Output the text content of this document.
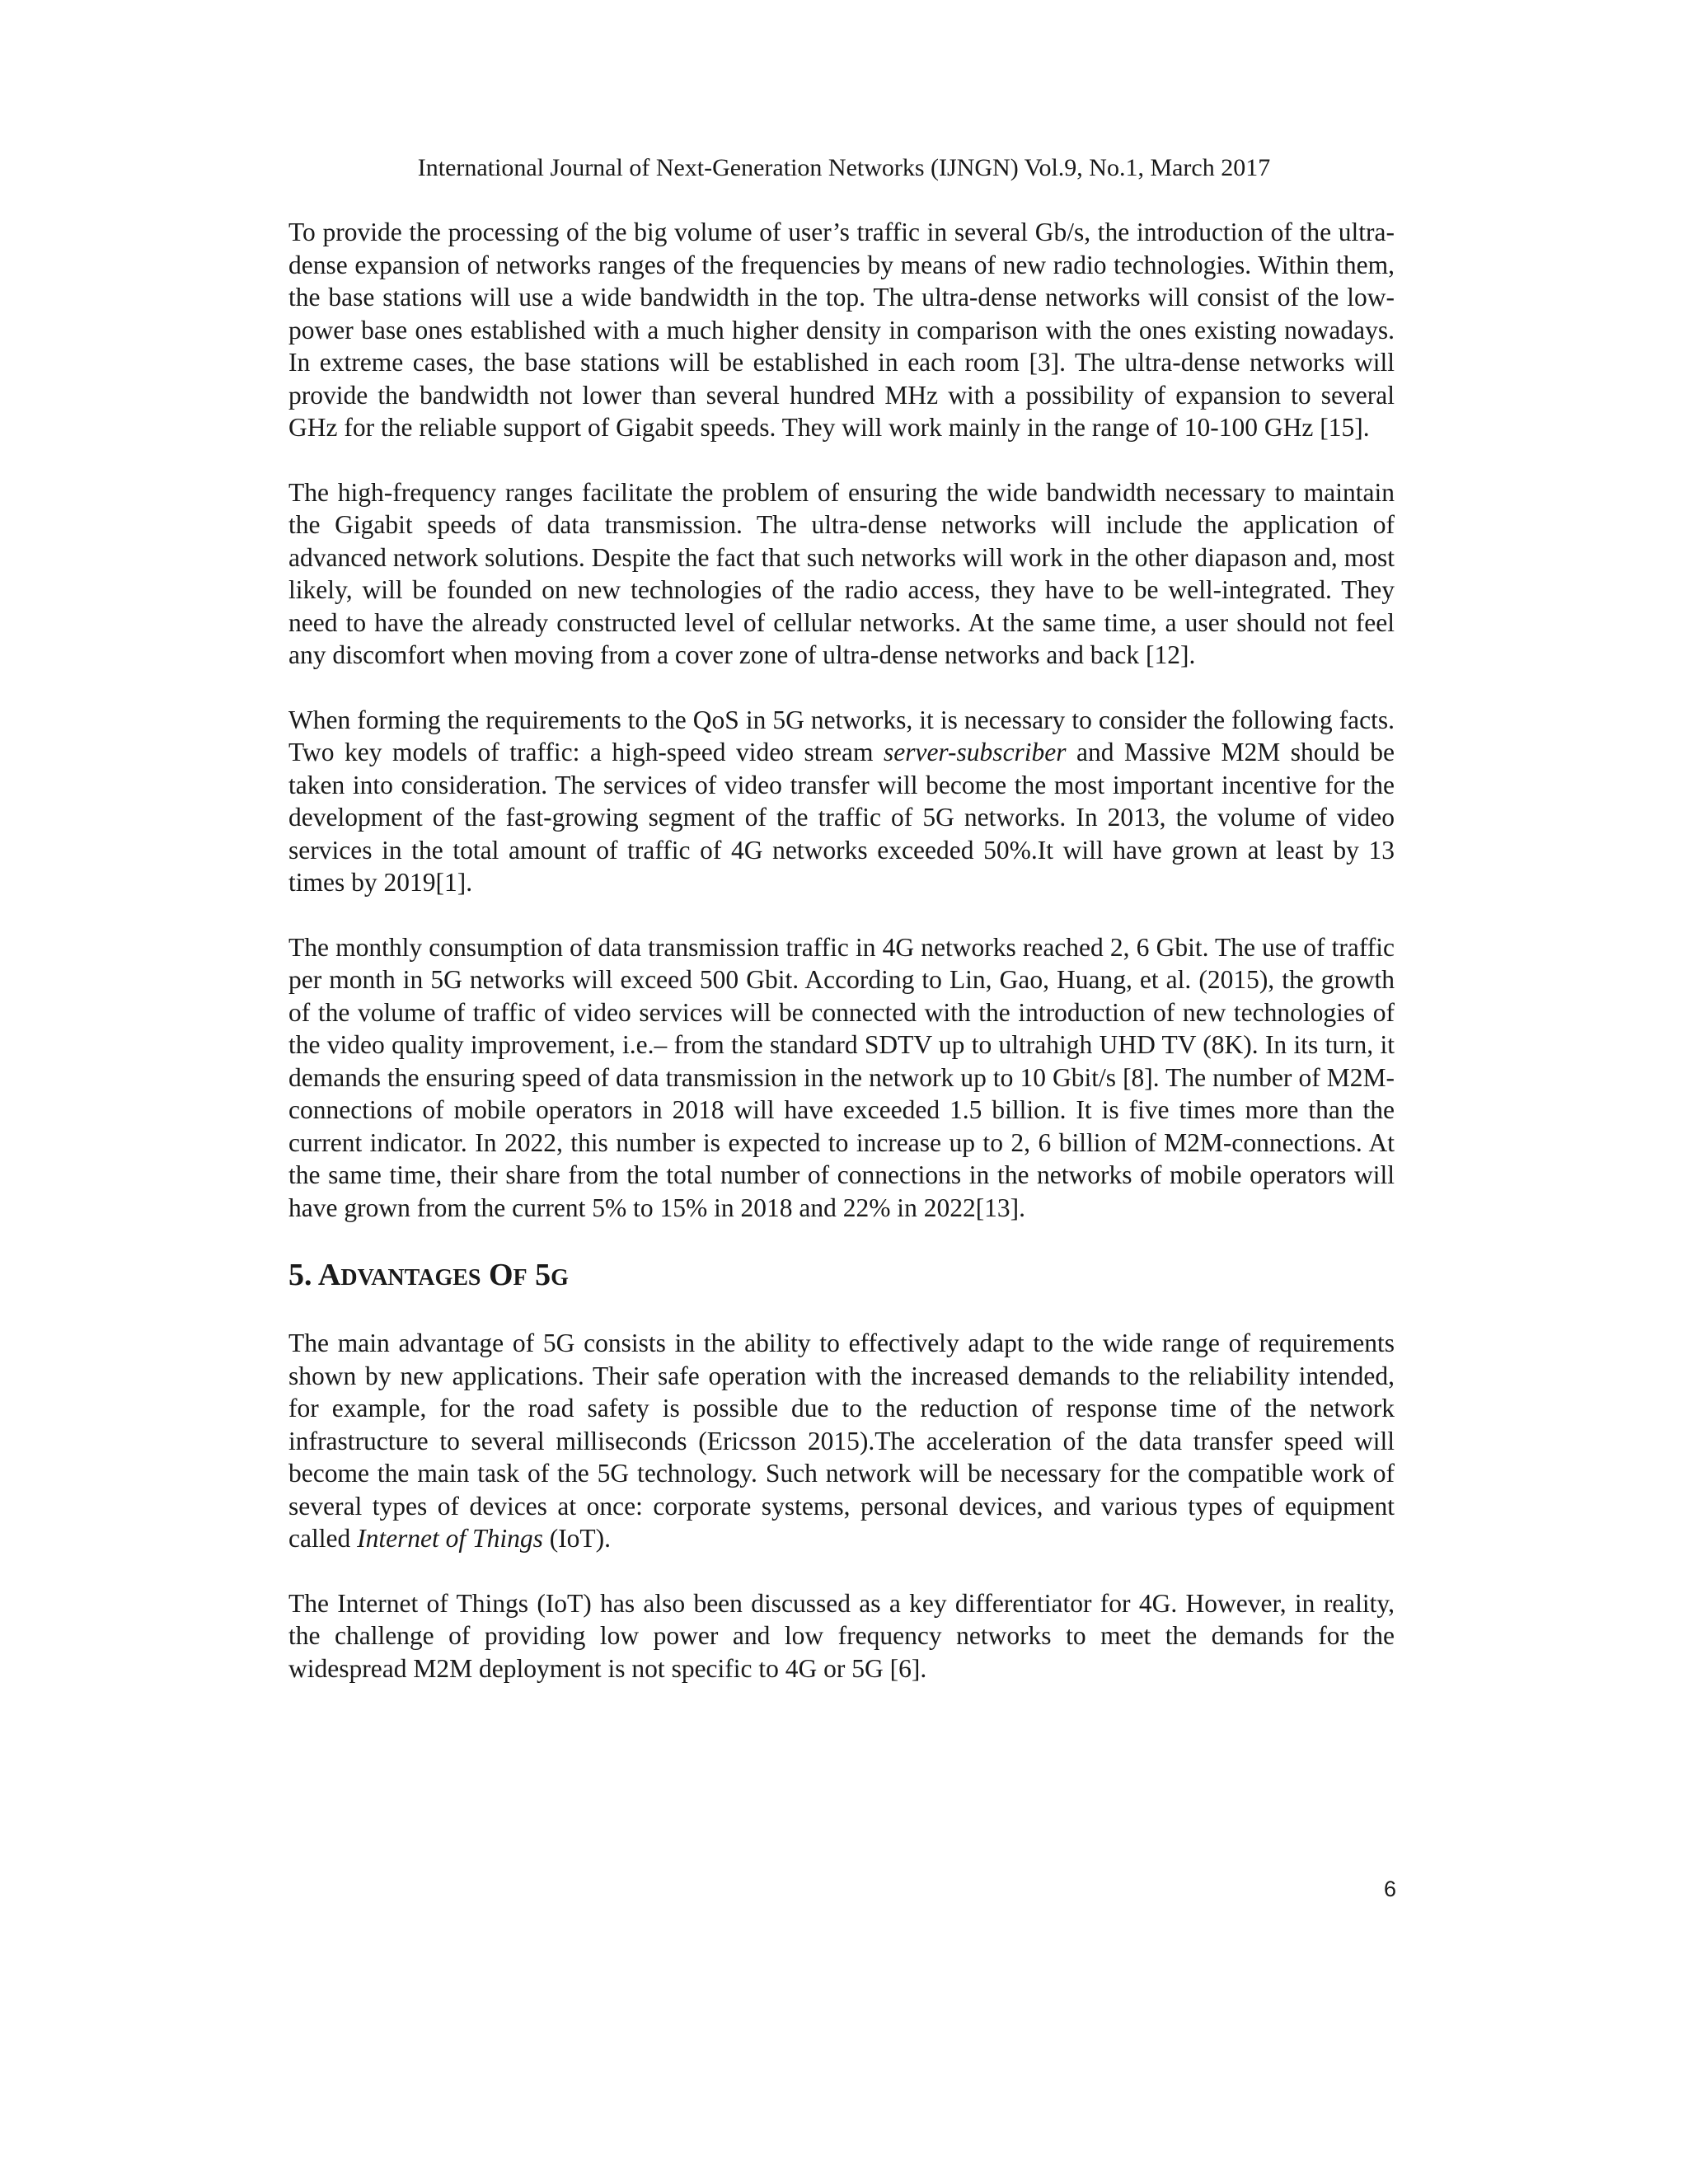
International Journal of Next-Generation Networks (IJNGN) Vol.9, No.1, March 2017

To provide the processing of the big volume of user’s traffic in several Gb/s, the introduction of the ultra-dense expansion of networks ranges of the frequencies by means of new radio technologies. Within them, the base stations will use a wide bandwidth in the top. The ultra-dense networks will consist of the low-power base ones established with a much higher density in comparison with the ones existing nowadays. In extreme cases, the base stations will be established in each room [3]. The ultra-dense networks will provide the bandwidth not lower than several hundred MHz with a possibility of expansion to several GHz for the reliable support of Gigabit speeds. They will work mainly in the range of 10-100 GHz [15].

The high-frequency ranges facilitate the problem of ensuring the wide bandwidth necessary to maintain the Gigabit speeds of data transmission. The ultra-dense networks will include the application of advanced network solutions. Despite the fact that such networks will work in the other diapason and, most likely, will be founded on new technologies of the radio access, they have to be well-integrated. They need to have the already constructed level of cellular networks. At the same time, a user should not feel any discomfort when moving from a cover zone of ultra-dense networks and back [12].

When forming the requirements to the QoS in 5G networks, it is necessary to consider the following facts. Two key models of traffic: a high-speed video stream server-subscriber and Massive M2M should be taken into consideration. The services of video transfer will become the most important incentive for the development of the fast-growing segment of the traffic of 5G networks. In 2013, the volume of video services in the total amount of traffic of 4G networks exceeded 50%.It will have grown at least by 13 times by 2019[1].

The monthly consumption of data transmission traffic in 4G networks reached 2, 6 Gbit. The use of traffic per month in 5G networks will exceed 500 Gbit. According to Lin, Gao, Huang, et al. (2015), the growth of the volume of traffic of video services will be connected with the introduction of new technologies of the video quality improvement, i.e.– from the standard SDTV up to ultrahigh UHD TV (8K). In its turn, it demands the ensuring speed of data transmission in the network up to 10 Gbit/s [8]. The number of M2M-connections of mobile operators in 2018 will have exceeded 1.5 billion. It is five times more than the current indicator. In 2022, this number is expected to increase up to 2, 6 billion of M2M-connections. At the same time, their share from the total number of connections in the networks of mobile operators will have grown from the current 5% to 15% in 2018 and 22% in 2022[13].

5. ADVANTAGES OF 5G

The main advantage of 5G consists in the ability to effectively adapt to the wide range of requirements shown by new applications. Their safe operation with the increased demands to the reliability intended, for example, for the road safety is possible due to the reduction of response time of the network infrastructure to several milliseconds (Ericsson 2015).The acceleration of the data transfer speed will become the main task of the 5G technology. Such network will be necessary for the compatible work of several types of devices at once: corporate systems, personal devices, and various types of equipment called Internet of Things (IoT).

The Internet of Things (IoT) has also been discussed as a key differentiator for 4G. However, in reality, the challenge of providing low power and low frequency networks to meet the demands for the widespread M2M deployment is not specific to 4G or 5G [6].

6
